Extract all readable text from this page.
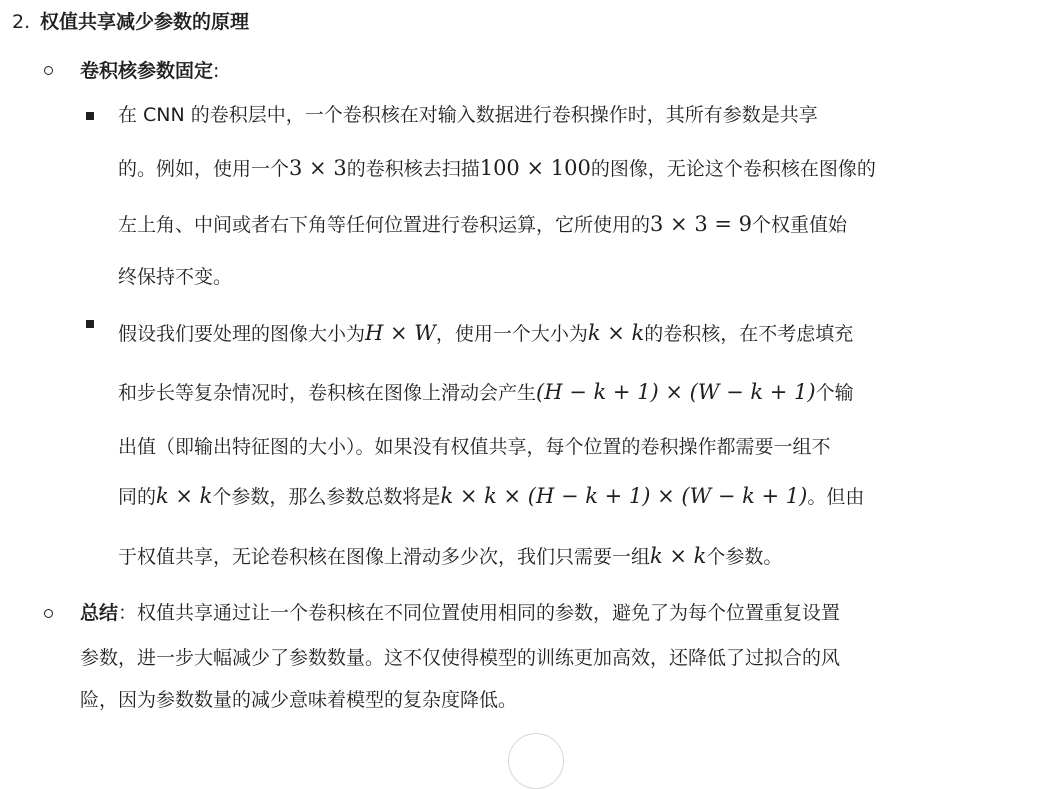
2. 权值共享减少参数的原理
卷积核参数固定:
在 CNN 的卷积层中，一个卷积核在对输入数据进行卷积操作时，其所有参数是共享
的。例如，使用一个3 × 3的卷积核去扫描100 × 100的图像，无论这个卷积核在图像的
左上角、中间或者右下角等任何位置进行卷积运算，它所使用的3 × 3 = 9个权重值始
终保持不变。
假设我们要处理的图像大小为H × W，使用一个大小为k × k的卷积核，在不考虑填充
和步长等复杂情况时，卷积核在图像上滑动会产生(H − k + 1) × (W − k + 1)个输
出值（即输出特征图的大小）。如果没有权值共享，每个位置的卷积操作都需要一组不
同的k × k个参数，那么参数总数将是k × k × (H − k + 1) × (W − k + 1)。但由
于权值共享，无论卷积核在图像上滑动多少次，我们只需要一组k × k个参数。
总结：权值共享通过让一个卷积核在不同位置使用相同的参数，避免了为每个位置重复设置
参数，进一步大幅减少了参数数量。这不仅使得模型的训练更加高效，还降低了过拟合的风
险，因为参数数量的减少意味着模型的复杂度降低。
